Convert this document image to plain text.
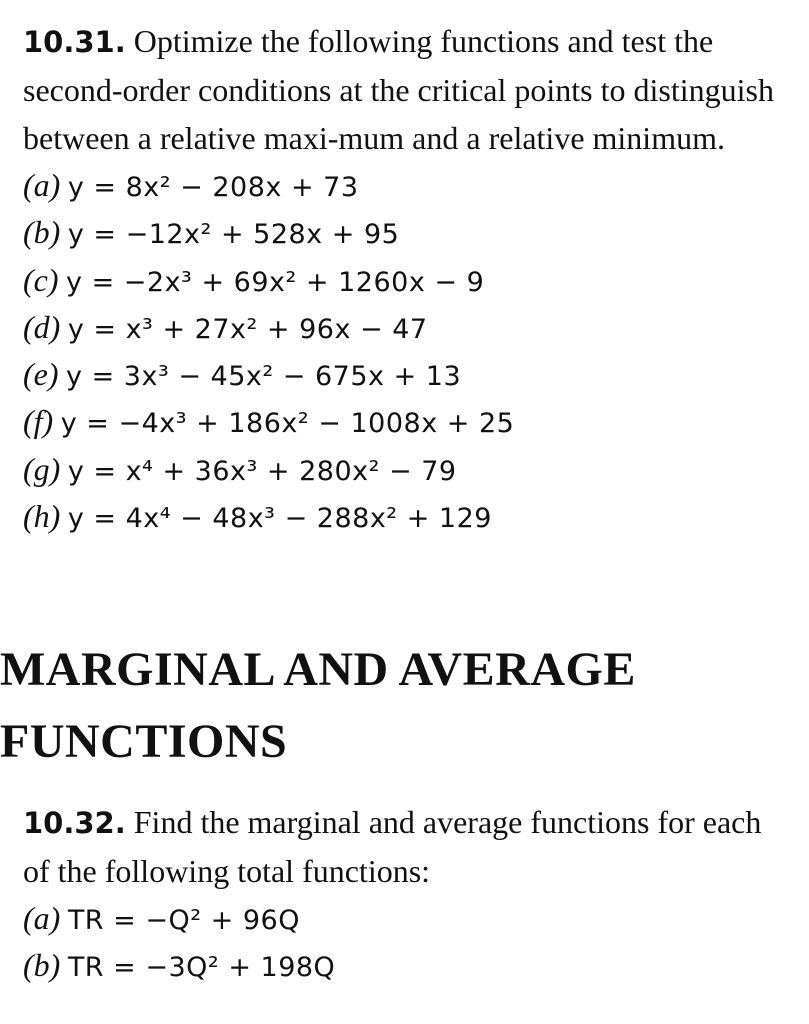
10.31. Optimize the following functions and test the second-order conditions at the critical points to distinguish between a relative maxi-mum and a relative minimum.

(a) y = 8x² − 208x + 73
(b) y = −12x² + 528x + 95
(c) y = −2x³ + 69x² + 1260x − 9
(d) y = x³ + 27x² + 96x − 47
(e) y = 3x³ − 45x² − 675x + 13
(f) y = −4x³ + 186x² − 1008x + 25
(g) y = x⁴ + 36x³ + 280x² − 79
(h) y = 4x⁴ − 48x³ − 288x² + 129
MARGINAL AND AVERAGE
FUNCTIONS

10.32. Find the marginal and average functions for each of the following total functions:

(a) TR = −Q² + 96Q
(b) TR = −3Q² + 198Q
